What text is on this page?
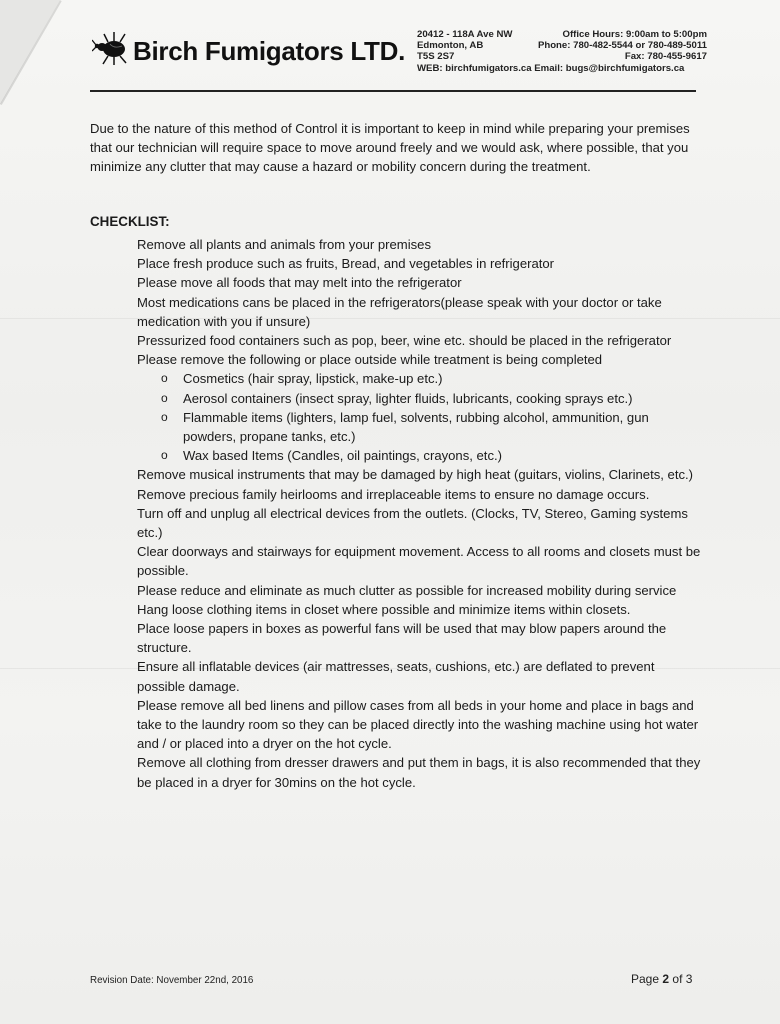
Birch Fumigators LTD.
20412 - 118A Ave NW	Office Hours: 9:00am to 5:00pm
Edmonton, AB	Phone: 780-482-5544 or 780-489-5011
T5S 2S7	Fax: 780-455-9617
WEB: birchfumigators.ca Email: bugs@birchfumigators.ca
Due to the nature of this method of Control it is important to keep in mind while preparing your premises that our technician will require space to move around freely and we would ask, where possible, that you minimize any clutter that may cause a hazard or mobility concern during the treatment.
CHECKLIST:
Remove all plants and animals from your premises
Place fresh produce such as fruits, Bread, and vegetables in refrigerator
Please move all foods that may melt into the refrigerator
Most medications cans be placed in the refrigerators(please speak with your doctor or take medication with you if unsure)
Pressurized food containers such as pop, beer, wine etc. should be placed in the refrigerator
Please remove the following or place outside while treatment is being completed
o Cosmetics (hair spray, lipstick, make-up etc.)
o Aerosol containers (insect spray, lighter fluids, lubricants, cooking sprays etc.)
o Flammable items (lighters, lamp fuel, solvents, rubbing alcohol, ammunition, gun powders, propane tanks, etc.)
o Wax based Items (Candles, oil paintings, crayons, etc.)
Remove musical instruments that may be damaged by high heat (guitars, violins, Clarinets, etc.)
Remove precious family heirlooms and irreplaceable items to ensure no damage occurs.
Turn off and unplug all electrical devices from the outlets. (Clocks, TV, Stereo, Gaming systems etc.)
Clear doorways and stairways for equipment movement. Access to all rooms and closets must be possible.
Please reduce and eliminate as much clutter as possible for increased mobility during service
Hang loose clothing items in closet where possible and minimize items within closets.
Place loose papers in boxes as powerful fans will be used that may blow papers around the structure.
Ensure all inflatable devices (air mattresses, seats, cushions, etc.) are deflated to prevent possible damage.
Please remove all bed linens and pillow cases from all beds in your home and place in bags and take to the laundry room so they can be placed directly into the washing machine using hot water and / or placed into a dryer on the hot cycle.
Remove all clothing from dresser drawers and put them in bags, it is also recommended that they be placed in a dryer for 30mins on the hot cycle.
Revision Date: November 22nd, 2016	Page 2 of 3
